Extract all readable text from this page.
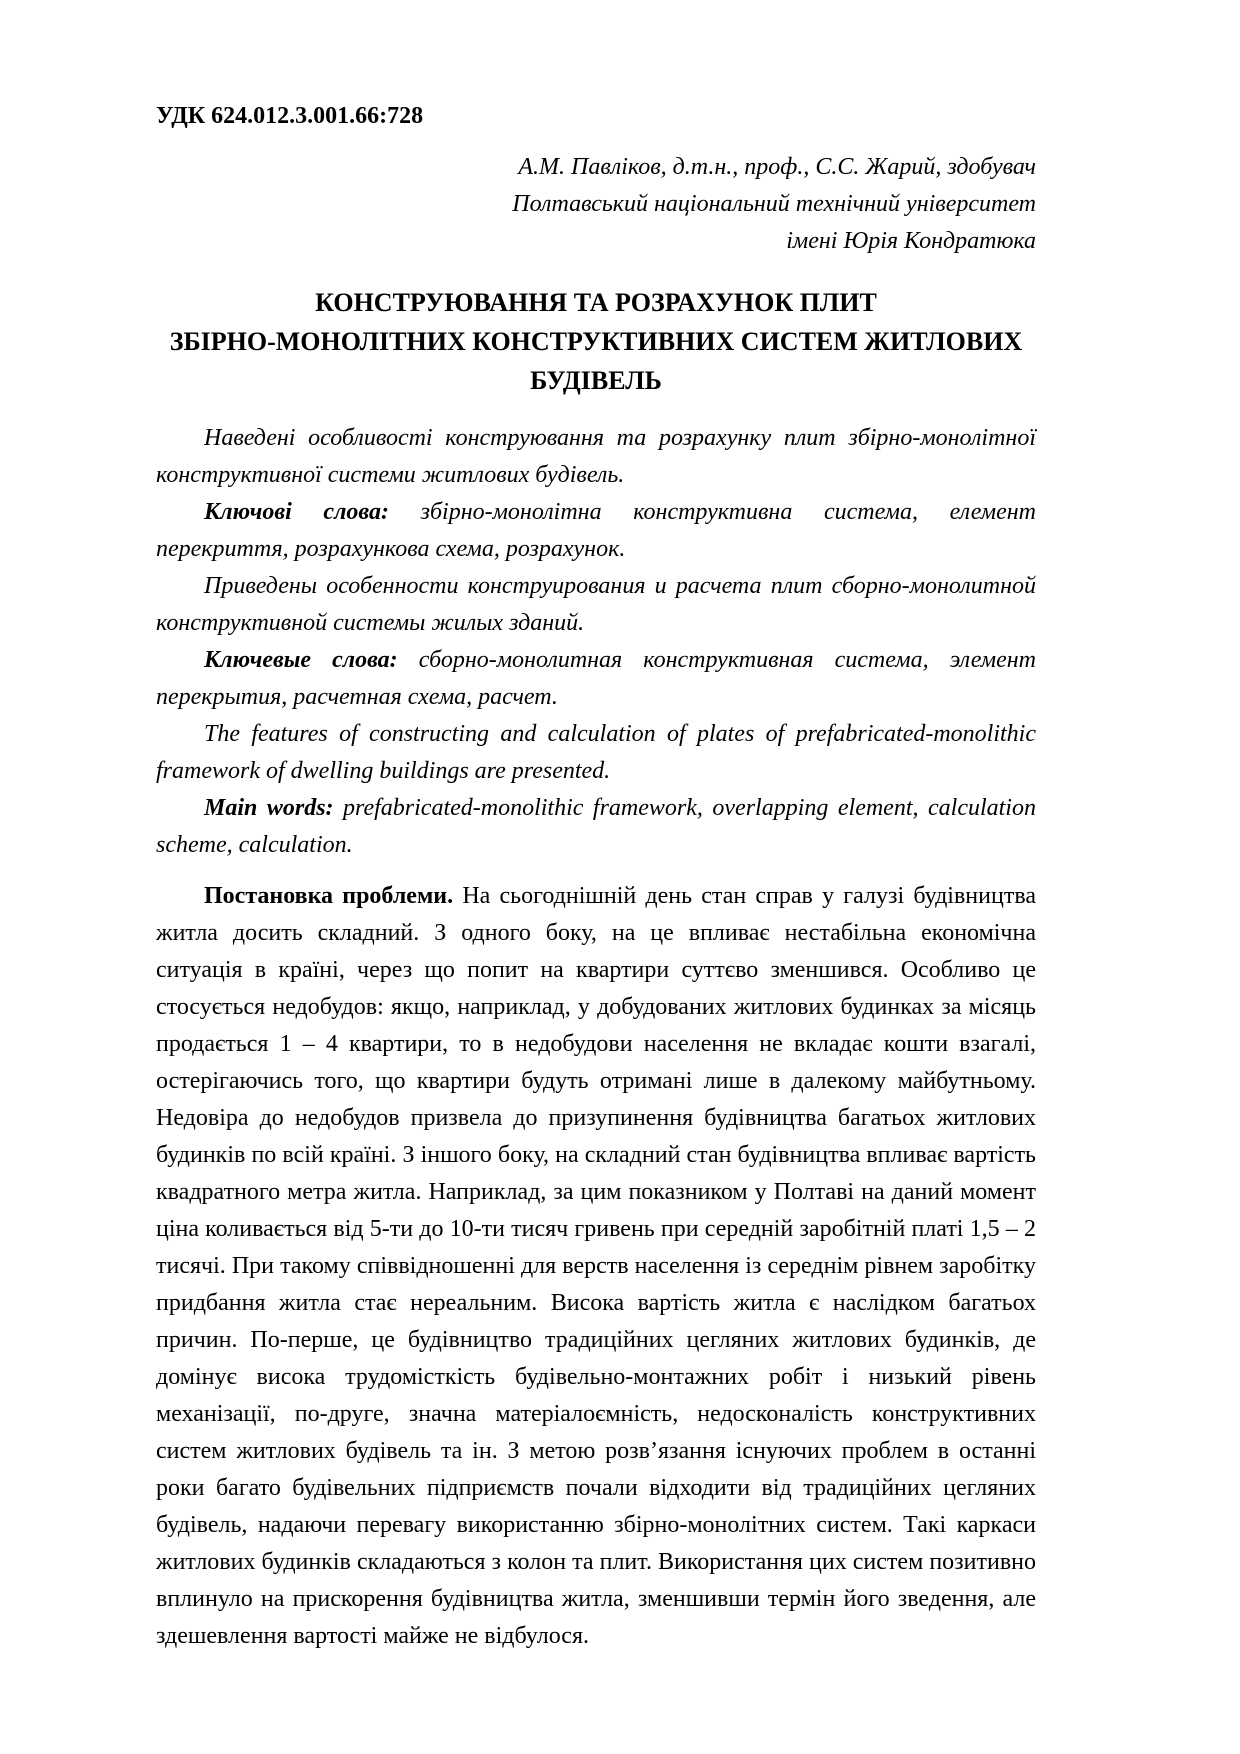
УДК 624.012.3.001.66:728

А.М. Павліков, д.т.н., проф., С.С. Жарий, здобувач
Полтавський національний технічний університет
імені Юрія Кондратюка
КОНСТРУЮВАННЯ ТА РОЗРАХУНОК ПЛИТ
ЗБІРНО-МОНОЛІТНИХ КОНСТРУКТИВНИХ СИСТЕМ ЖИТЛОВИХ
БУДІВЕЛЬ

Наведені особливості конструювання та розрахунку плит збірно-монолітної конструктивної системи житлових будівель.

Ключові слова: збірно-монолітна конструктивна система, елемент перекриття, розрахункова схема, розрахунок.

Приведены особенности конструирования и расчета плит сборно-монолитной конструктивной системы жилых зданий.

Ключевые слова: сборно-монолитная конструктивная система, элемент перекрытия, расчетная схема, расчет.

The features of constructing and calculation of plates of prefabricated-monolithic framework of dwelling buildings are presented.

Main words: prefabricated-monolithic framework, overlapping element, calculation scheme, calculation.

Постановка проблеми. На сьогоднішній день стан справ у галузі будівництва житла досить складний. З одного боку, на це впливає нестабільна економічна ситуація в країні, через що попит на квартири суттєво зменшився. Особливо це стосується недобудов: якщо, наприклад, у добудованих житлових будинках за місяць продається 1 – 4 квартири, то в недобудови населення не вкладає кошти взагалі, остерігаючись того, що квартири будуть отримані лише в далекому майбутньому. Недовіра до недобудов призвела до призупинення будівництва багатьох житлових будинків по всій країні. З іншого боку, на складний стан будівництва впливає вартість квадратного метра житла. Наприклад, за цим показником у Полтаві на даний момент ціна коливається від 5-ти до 10-ти тисяч гривень при середній заробітній платі 1,5 – 2 тисячі. При такому співвідношенні для верств населення із середнім рівнем заробітку придбання житла стає нереальним. Висока вартість житла є наслідком багатьох причин. По-перше, це будівництво традиційних цегляних житлових будинків, де домінує висока трудомісткість будівельно-монтажних робіт і низький рівень механізації, по-друге, значна матеріалоємність, недосконалість конструктивних систем житлових будівель та ін. З метою розв’язання існуючих проблем в останні роки багато будівельних підприємств почали відходити від традиційних цегляних будівель, надаючи перевагу використанню збірно-монолітних систем. Такі каркаси житлових будинків складаються з колон та плит. Використання цих систем позитивно вплинуло на прискорення будівництва житла, зменшивши термін його зведення, але здешевлення вартості майже не відбулося.
